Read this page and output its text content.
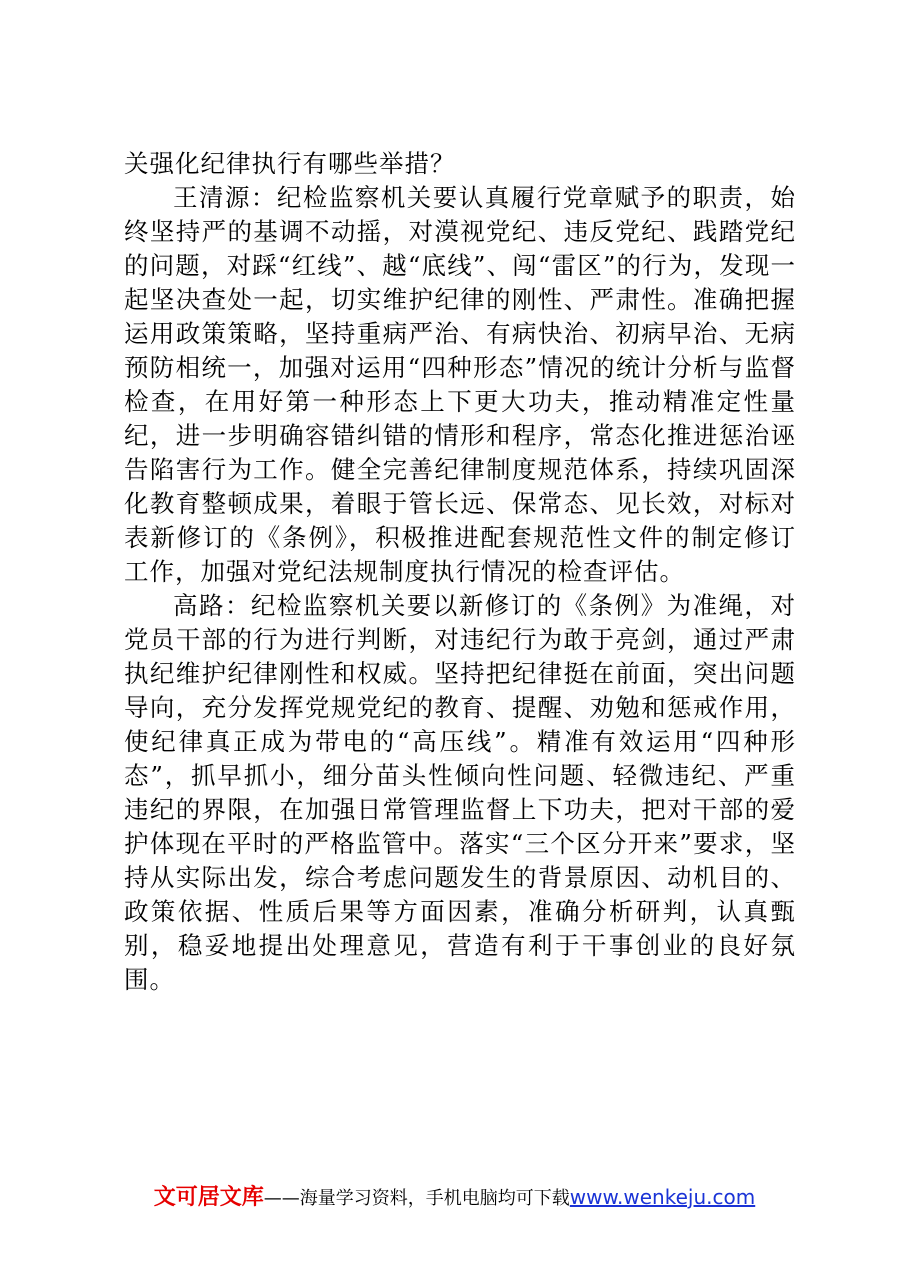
关强化纪律执行有哪些举措？

王清源：纪检监察机关要认真履行党章赋予的职责，始终坚持严的基调不动摇，对漠视党纪、违反党纪、践踏党纪的问题，对踩“红线”、越“底线”、闯“雷区”的行为，发现一起坚决查处一起，切实维护纪律的刚性、严肃性。准确把握运用政策策略，坚持重病严治、有病快治、初病早治、无病预防相统一，加强对运用“四种形态”情况的统计分析与监督检查，在用好第一种形态上下更大功夫，推动精准定性量纪，进一步明确容错纠错的情形和程序，常态化推进惩治诬告陷害行为工作。健全完善纪律制度规范体系，持续巩固深化教育整顿成果，着眼于管长远、保常态、见长效，对标对表新修订的《条例》，积极推进配套规范性文件的制定修订工作，加强对党纪法规制度执行情况的检查评估。

高路：纪检监察机关要以新修订的《条例》为准绳，对党员干部的行为进行判断，对违纪行为敢于亮剑，通过严肃执纪维护纪律刚性和权威。坚持把纪律挺在前面，突出问题导向，充分发挥党规党纪的教育、提醒、劝勉和惩戒作用，使纪律真正成为带电的“高压线”。精准有效运用“四种形态”，抓早抓小，细分苗头性倾向性问题、轻微违纪、严重违纪的界限，在加强日常管理监督上下功夫，把对干部的爱护体现在平时的严格监管中。落实“三个区分开来”要求，坚持从实际出发，综合考虑问题发生的背景原因、动机目的、政策依据、性质后果等方面因素，准确分析研判，认真甄别，稳妥地提出处理意见，营造有利于干事创业的良好氛围。

文可居文库——海量学习资料，手机电脑均可下载www.wenkeju.com
